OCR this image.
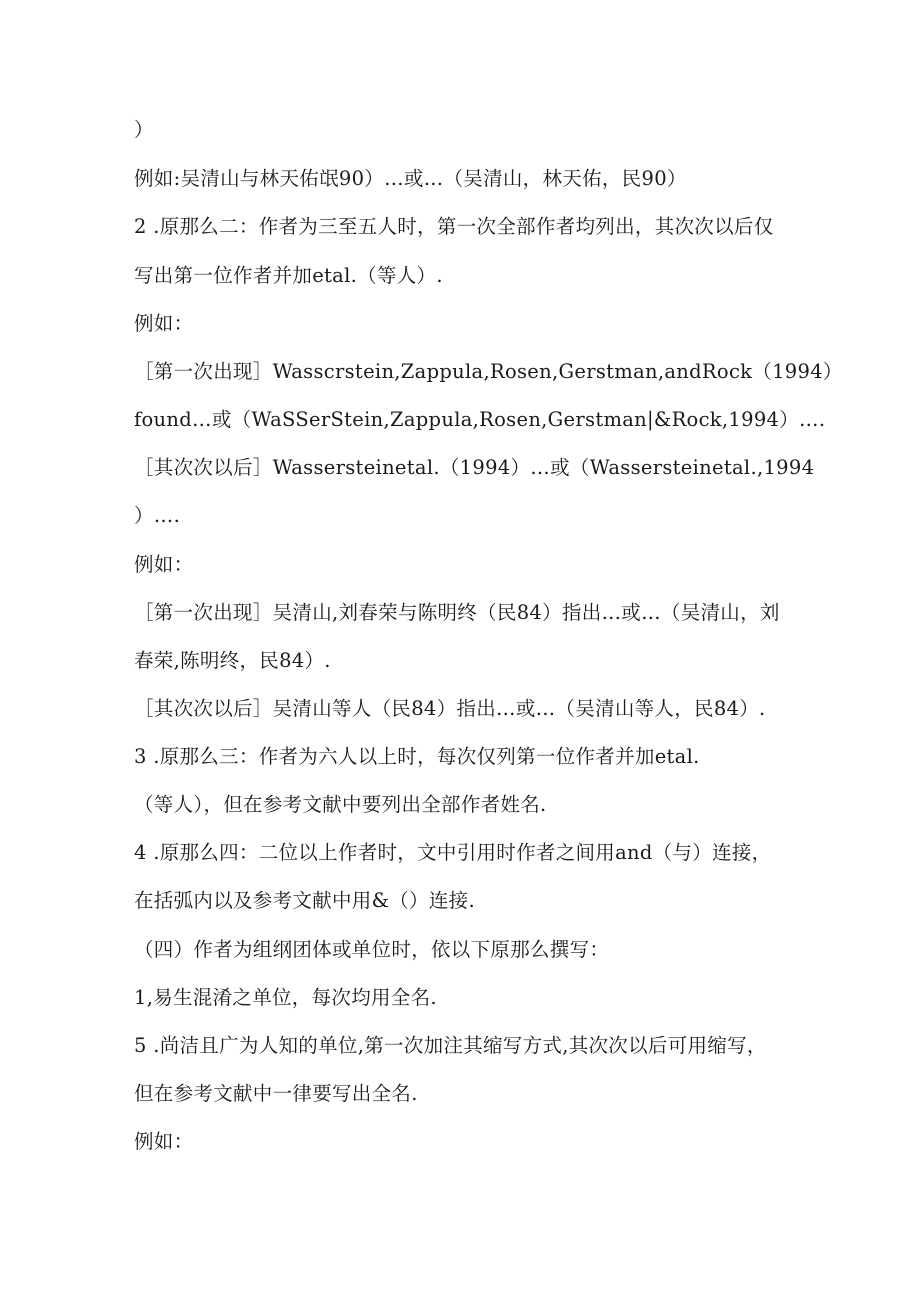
）
例如:吴清山与林天佑氓90）…或…（吴清山，林天佑，民90）
2 .原那么二：作者为三至五人时，第一次全部作者均列出，其次次以后仅
写出第一位作者并加etal.（等人）.
例如：
［第一次出现］Wasscrstein,Zappula,Rosen,Gerstman,andRock（1994）
found…或（WaSSerStein,Zappula,Rosen,Gerstman|&Rock,1994）….
［其次次以后］Wassersteinetal.（1994）…或（Wassersteinetal.,1994
）….
例如：
［第一次出现］吴清山,刘春荣与陈明终（民84）指出…或…（吴清山，刘
春荣,陈明终，民84）.
［其次次以后］吴清山等人（民84）指出…或…（吴清山等人，民84）.
3 .原那么三：作者为六人以上时，每次仅列第一位作者并加etal.
（等人），但在参考文献中要列出全部作者姓名.
4 .原那么四：二位以上作者时，文中引用时作者之间用and（与）连接，
在括弧内以及参考文献中用&（）连接.
（四）作者为组纲团体或单位时，依以下原那么撰写：
1,易生混淆之单位，每次均用全名.
5 .尚洁且广为人知的单位,第一次加注其缩写方式,其次次以后可用缩写，
但在参考文献中一律要写出全名.
例如：
